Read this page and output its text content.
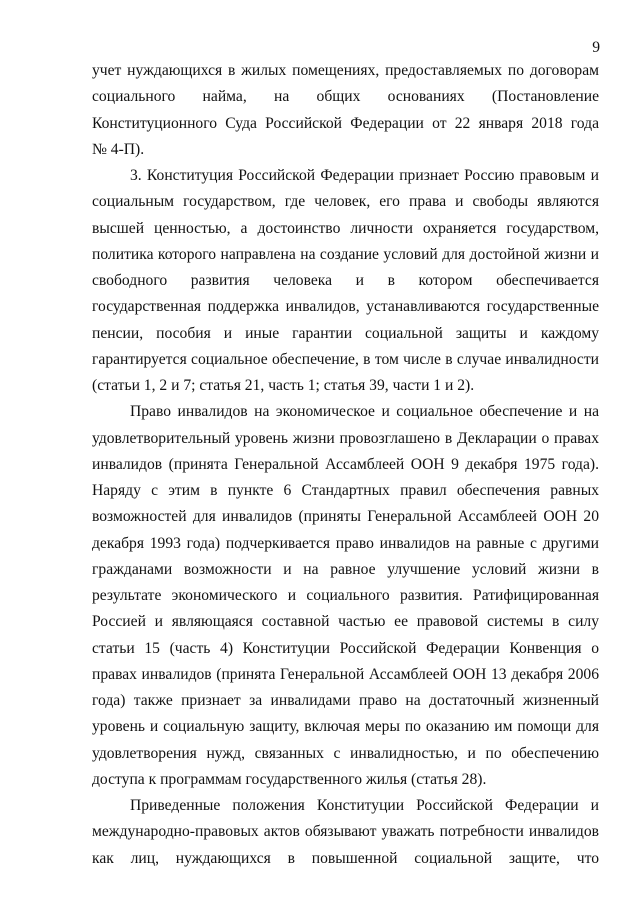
9
учет нуждающихся в жилых помещениях, предоставляемых по договорам
социального найма, на общих основаниях (Постановление
Конституционного Суда Российской Федерации от 22 января 2018 года
№ 4-П).
3. Конституция Российской Федерации признает Россию правовым и
социальным государством, где человек, его права и свободы являются
высшей ценностью, а достоинство личности охраняется государством,
политика которого направлена на создание условий для достойной жизни и
свободного развития человека и в котором обеспечивается
государственная поддержка инвалидов, устанавливаются государственные
пенсии, пособия и иные гарантии социальной защиты и каждому
гарантируется социальное обеспечение, в том числе в случае инвалидности
(статьи 1, 2 и 7; статья 21, часть 1; статья 39, части 1 и 2).
Право инвалидов на экономическое и социальное обеспечение и на
удовлетворительный уровень жизни провозглашено в Декларации о правах
инвалидов (принята Генеральной Ассамблеей ООН 9 декабря 1975 года).
Наряду с этим в пункте 6 Стандартных правил обеспечения равных
возможностей для инвалидов (приняты Генеральной Ассамблеей ООН 20
декабря 1993 года) подчеркивается право инвалидов на равные с другими
гражданами возможности и на равное улучшение условий жизни в
результате экономического и социального развития. Ратифицированная
Россией и являющаяся составной частью ее правовой системы в силу
статьи 15 (часть 4) Конституции Российской Федерации Конвенция о
правах инвалидов (принята Генеральной Ассамблеей ООН 13 декабря 2006
года) также признает за инвалидами право на достаточный жизненный
уровень и социальную защиту, включая меры по оказанию им помощи для
удовлетворения нужд, связанных с инвалидностью, и по обеспечению
доступа к программам государственного жилья (статья 28).
Приведенные положения Конституции Российской Федерации и
международно-правовых актов обязывают уважать потребности инвалидов
как лиц, нуждающихся в повышенной социальной защите, что
